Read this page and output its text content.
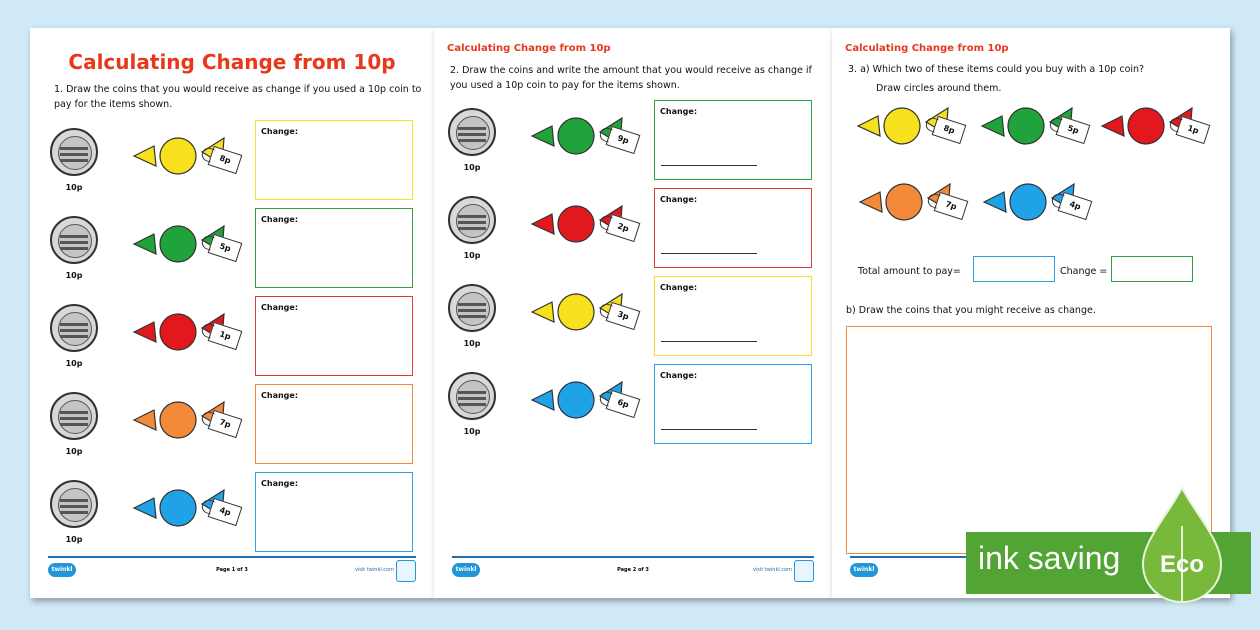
Calculating Change from 10p
1. Draw the coins that you would receive as change if you used a 10p coin to pay for the items shown.
10p
8p
Change:
10p
5p
Change:
10p
1p
Change:
10p
7p
Change:
10p
4p
Change:
twinkl	Page 1 of 3	visit twinkl.com
Calculating Change from 10p
2. Draw the coins and write the amount that you would receive as change if you used a 10p coin to pay for the items shown.
10p
9p
Change:
10p
2p
Change:
10p
3p
Change:
10p
6p
Change:
twinkl	Page 2 of 3	visit twinkl.com
Calculating Change from 10p
3. a) Which two of these items could you buy with a 10p coin?
Draw circles around them.
8p	5p	1p
7p	4p
Total amount to pay=	Change =
b) Draw the coins that you might receive as change.
twinkl	ink saving Eco
